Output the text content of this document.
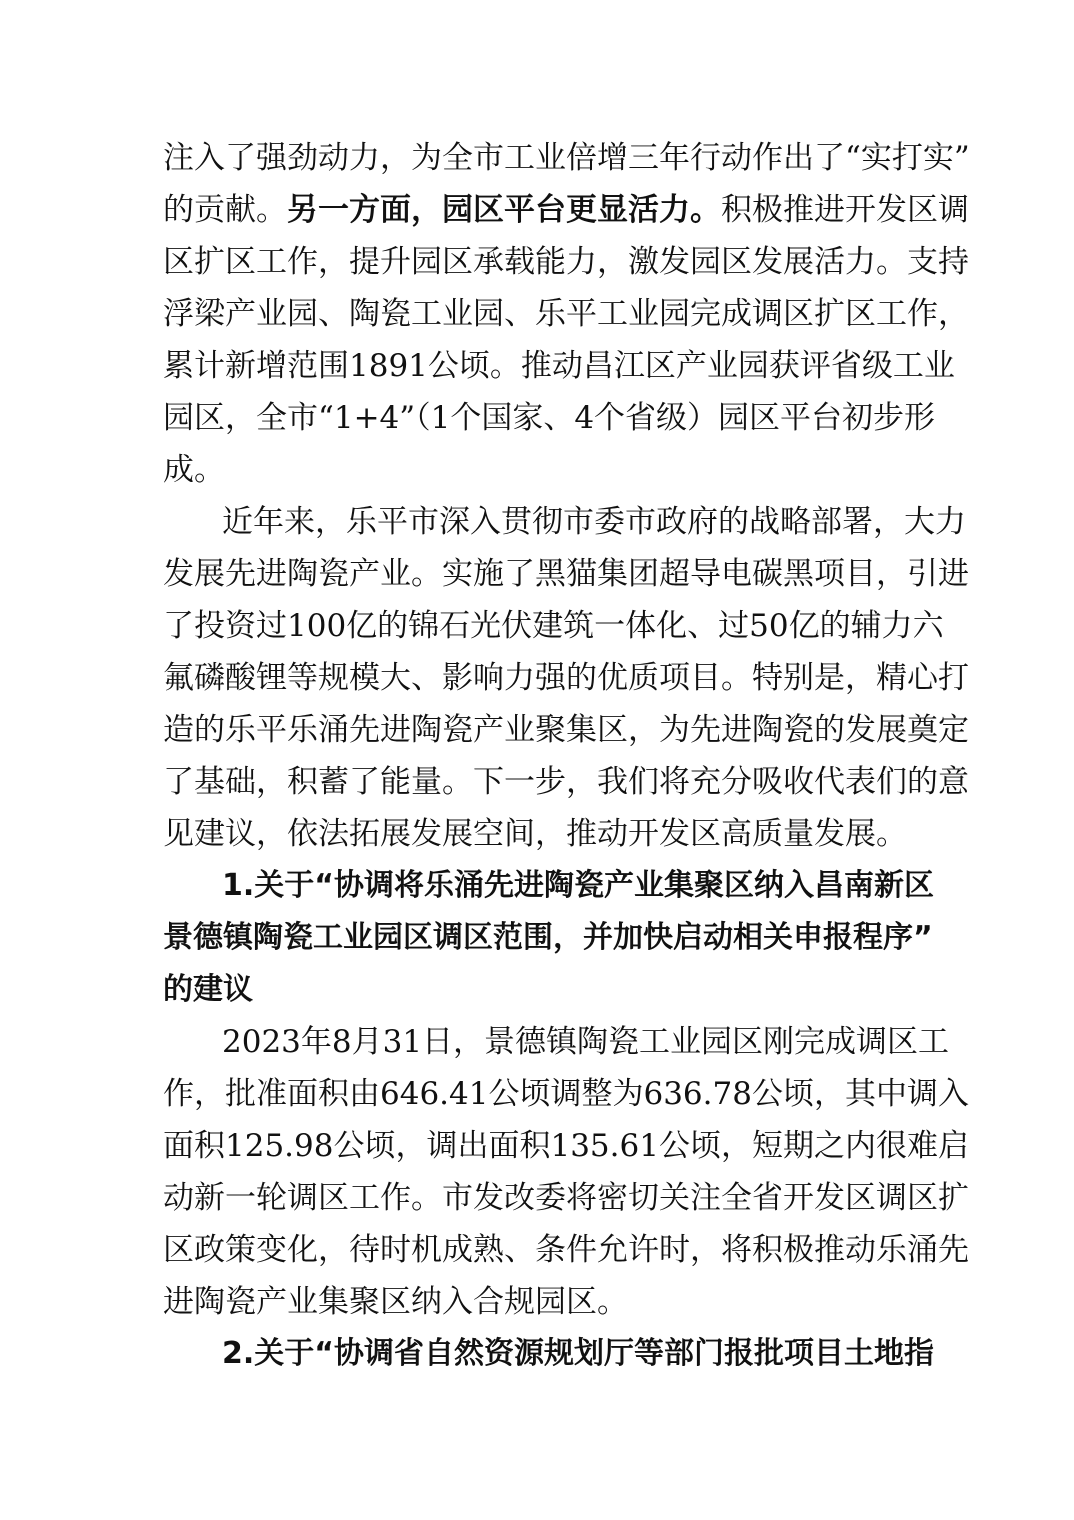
注入了强劲动力，为全市工业倍增三年行动作出了“实打实”
的贡献。另一方面，园区平台更显活力。积极推进开发区调
区扩区工作，提升园区承载能力，激发园区发展活力。支持
浮梁产业园、陶瓷工业园、乐平工业园完成调区扩区工作，
累计新增范围1891公顷。推动昌江区产业园获评省级工业
园区，全市“1+4”（1个国家、4个省级）园区平台初步形
成。
近年来，乐平市深入贯彻市委市政府的战略部署，大力
发展先进陶瓷产业。实施了黑猫集团超导电碳黑项目，引进
了投资过100亿的锦石光伏建筑一体化、过50亿的辅力六
氟磷酸锂等规模大、影响力强的优质项目。特别是，精心打
造的乐平乐涌先进陶瓷产业聚集区，为先进陶瓷的发展奠定
了基础，积蓄了能量。下一步，我们将充分吸收代表们的意
见建议，依法拓展发展空间，推动开发区高质量发展。
1.关于“协调将乐涌先进陶瓷产业集聚区纳入昌南新区
景德镇陶瓷工业园区调区范围，并加快启动相关申报程序”
的建议
2023年8月31日，景德镇陶瓷工业园区刚完成调区工
作，批准面积由646.41公顷调整为636.78公顷，其中调入
面积125.98公顷，调出面积135.61公顷，短期之内很难启
动新一轮调区工作。市发改委将密切关注全省开发区调区扩
区政策变化，待时机成熟、条件允许时，将积极推动乐涌先
进陶瓷产业集聚区纳入合规园区。
2.关于“协调省自然资源规划厅等部门报批项目土地指
